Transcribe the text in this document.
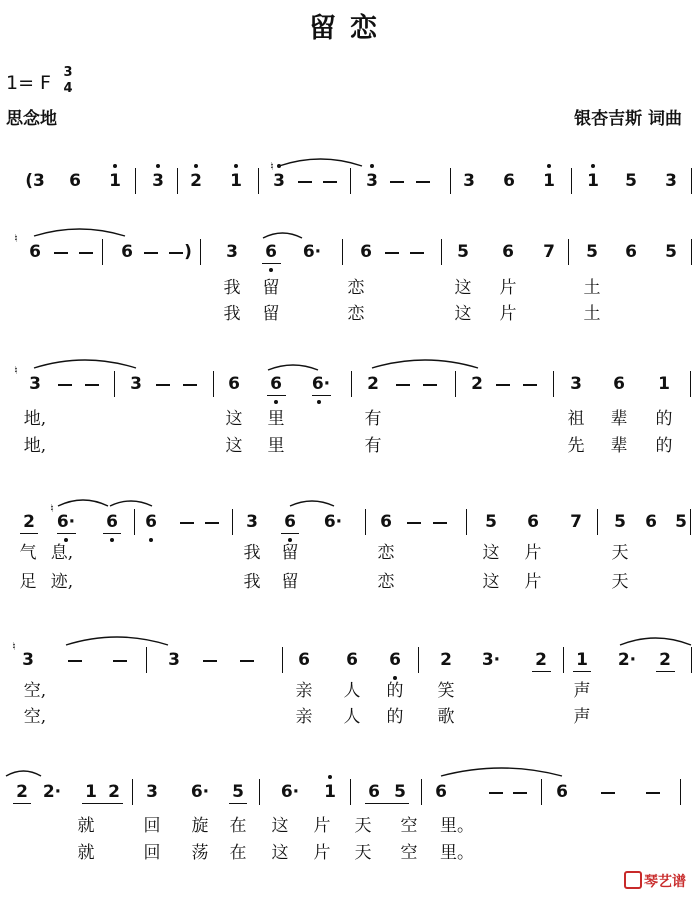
留恋
1= F 3
4
思念地	银杏吉斯 词曲
(3 6 1 3 2 1 3	3	3 6 1 1 5 3
♮
6	6	)	3 6 6· 6	5 6 7 5 6 5
♮
我
我
留
留
恋
恋
这
这
片
片
土
土
3	3	6 6 6· 2	2	3 6 1
♮
地,
地,
这
这
里
里
有
有
祖
先
辈
辈
的
的
2 6· 6 6	3 6 6· 6	5 6 7 5 6 5
♮
气
足
息,
迹,
我
我
留
留
恋
恋
这
这
片
片
天
天
3	3	6 6 6 2 3· 2 1 2· 2
♮
空,
空,
亲
亲
人
人
的
的
笑
歌
声
声
2 2· 1 2 3 6· 5 6· 1 6 5 6	6
就
就
回
回
旋
荡
在
在
这
这
片
片
天
天
空
空
里。
里。
琴艺谱
